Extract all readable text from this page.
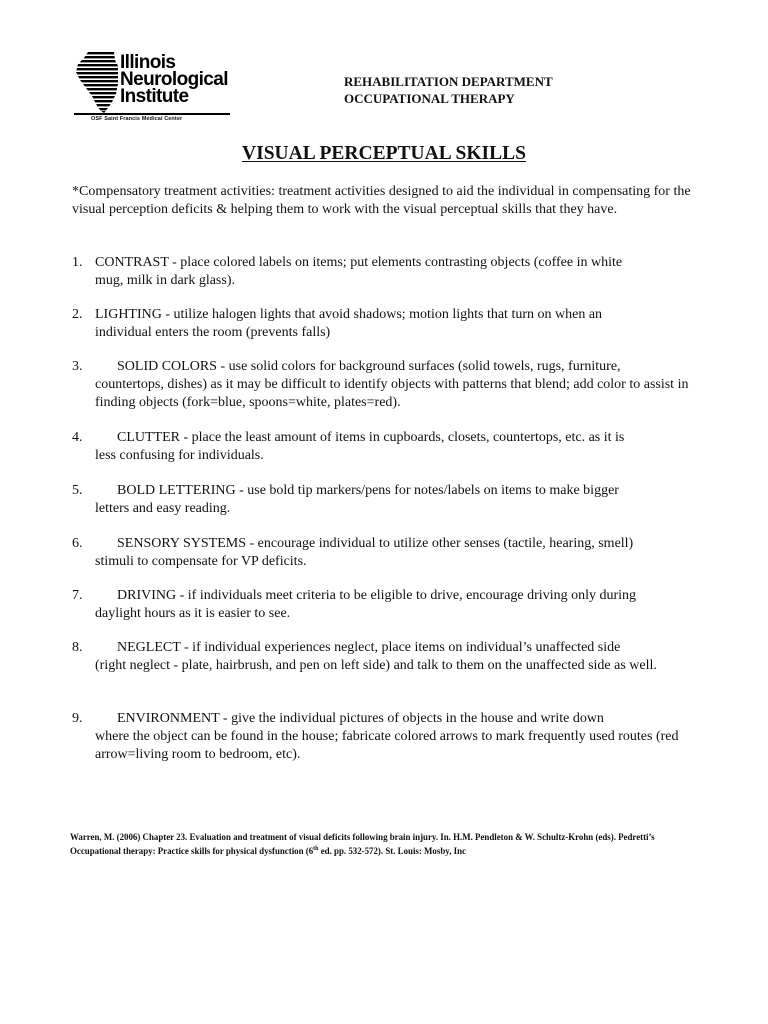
Illinois
Neurological
Institute
OSF Saint Francis Medical Center
REHABILITATION DEPARTMENT
OCCUPATIONAL THERAPY
VISUAL PERCEPTUAL SKILLS
*Compensatory treatment activities: treatment activities designed to aid the individual in compensating for the visual perception deficits & helping them to work with the visual perceptual skills that they have.
1. CONTRAST - place colored labels on items; put elements contrasting objects (coffee in white
mug, milk in dark glass).
2. LIGHTING - utilize halogen lights that avoid shadows; motion lights that turn on when an
individual enters the room (prevents falls)
3.	SOLID COLORS - use solid colors for background surfaces (solid towels, rugs, furniture,
countertops, dishes) as it may be difficult to identify objects with patterns that blend; add color to assist in finding objects (fork=blue, spoons=white, plates=red).
4.	CLUTTER - place the least amount of items in cupboards, closets, countertops, etc. as it is
less confusing for individuals.
5.	BOLD LETTERING - use bold tip markers/pens for notes/labels on items to make bigger
letters and easy reading.
6.	SENSORY SYSTEMS - encourage individual to utilize other senses (tactile, hearing, smell)
stimuli to compensate for VP deficits.
7.	DRIVING - if individuals meet criteria to be eligible to drive, encourage driving only during
daylight hours as it is easier to see.
8.	NEGLECT - if individual experiences neglect, place items on individual’s unaffected side
(right neglect - plate, hairbrush, and pen on left side) and talk to them on the unaffected side as well.
9.	ENVIRONMENT - give the individual pictures of objects in the house and write down
where the object can be found in the house; fabricate colored arrows to mark frequently used routes (red arrow=living room to bedroom, etc).
Warren, M. (2006) Chapter 23. Evaluation and treatment of visual deficits following brain injury. In. H.M. Pendleton & W. Schultz-Krohn (eds). Pedretti’s Occupational therapy: Practice skills for physical dysfunction (6th ed. pp. 532-572). St. Louis: Mosby, Inc
